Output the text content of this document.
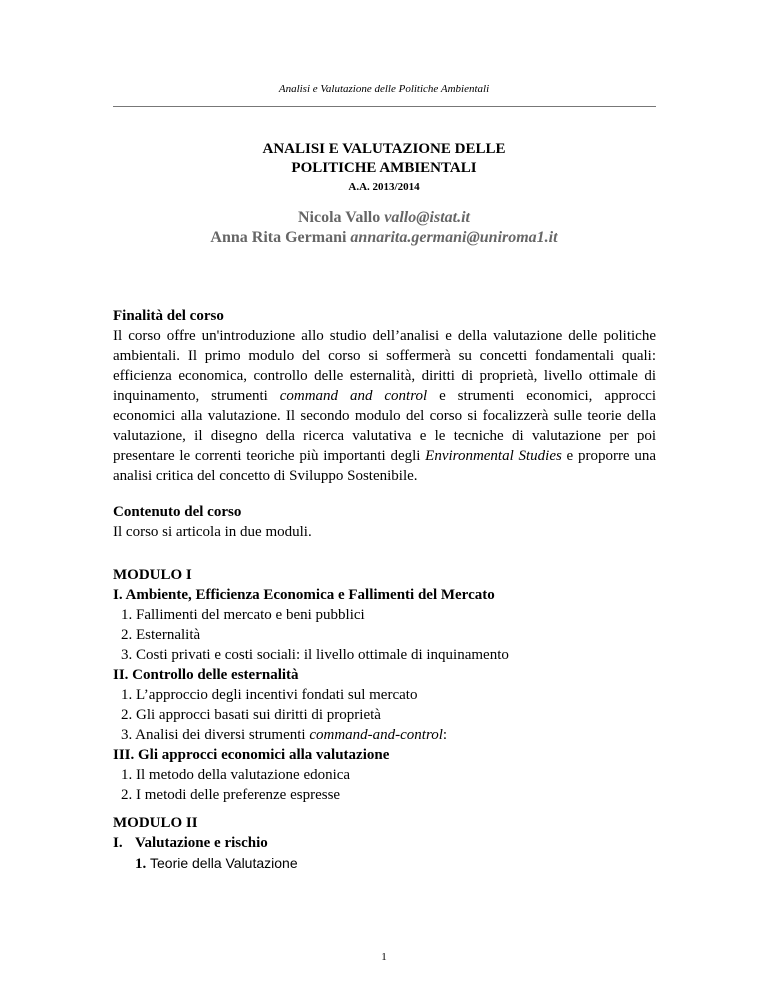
Analisi e Valutazione delle Politiche Ambientali
ANALISI E VALUTAZIONE DELLE
POLITICHE AMBIENTALI
A.A. 2013/2014
Nicola Vallo vallo@istat.it
Anna Rita Germani annarita.germani@uniroma1.it
Finalità del corso
Il corso offre un'introduzione allo studio dell’analisi e della valutazione delle politiche ambientali. Il primo modulo del corso si soffermerà su concetti fondamentali quali: efficienza economica, controllo delle esternalità, diritti di proprietà, livello ottimale di inquinamento, strumenti command and control e strumenti economici, approcci economici alla valutazione. Il secondo modulo del corso si focalizzerà sulle teorie della valutazione, il disegno della ricerca valutativa e le tecniche di valutazione per poi presentare le correnti teoriche più importanti degli Environmental Studies e proporre una analisi critica del concetto di Sviluppo Sostenibile.
Contenuto del corso
Il corso si articola in due moduli.
MODULO I
I. Ambiente, Efficienza Economica e Fallimenti del Mercato
1. Fallimenti del mercato e beni pubblici
2. Esternalità
3. Costi privati e costi sociali: il livello ottimale di inquinamento
II. Controllo delle esternalità
1. L’approccio degli incentivi fondati sul mercato
2. Gli approcci basati sui diritti di proprietà
3. Analisi dei diversi strumenti command-and-control:
III. Gli approcci economici alla valutazione
1. Il metodo della valutazione edonica
2. I metodi delle preferenze espresse
MODULO II
I. Valutazione e rischio
1. Teorie della Valutazione
1
